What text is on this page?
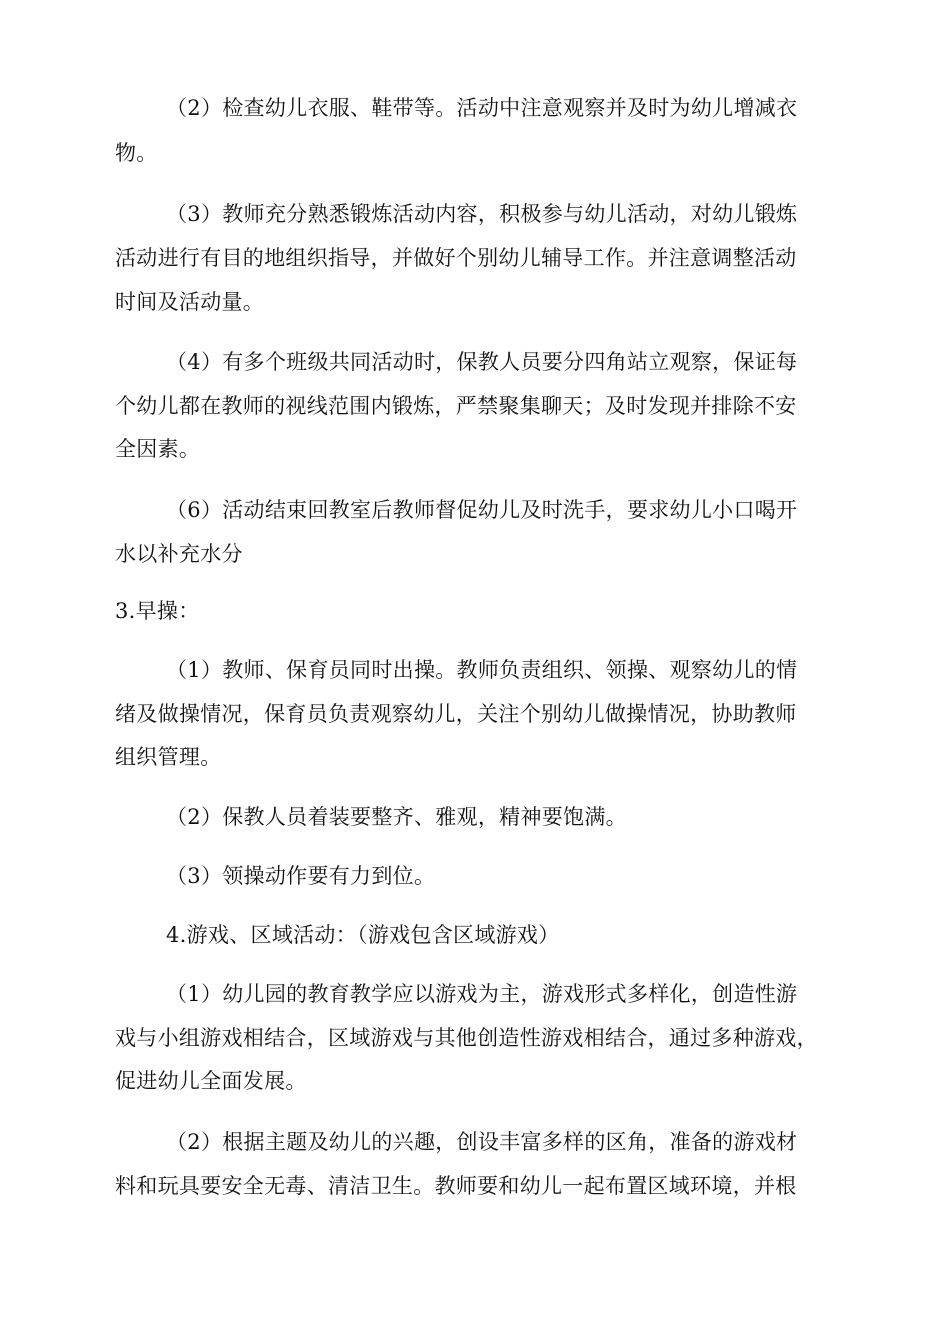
（2）检查幼儿衣服、鞋带等。活动中注意观察并及时为幼儿增减衣
物。
（3）教师充分熟悉锻炼活动内容，积极参与幼儿活动，对幼儿锻炼
活动进行有目的地组织指导，并做好个别幼儿辅导工作。并注意调整活动
时间及活动量。
（4）有多个班级共同活动时，保教人员要分四角站立观察，保证每
个幼儿都在教师的视线范围内锻炼，严禁聚集聊天；及时发现并排除不安
全因素。
（6）活动结束回教室后教师督促幼儿及时洗手，要求幼儿小口喝开
水以补充水分
3.早操：
（1）教师、保育员同时出操。教师负责组织、领操、观察幼儿的情
绪及做操情况，保育员负责观察幼儿，关注个别幼儿做操情况，协助教师
组织管理。
（2）保教人员着装要整齐、雅观，精神要饱满。
（3）领操动作要有力到位。
4.游戏、区域活动：（游戏包含区域游戏）
（1）幼儿园的教育教学应以游戏为主，游戏形式多样化，创造性游
戏与小组游戏相结合，区域游戏与其他创造性游戏相结合，通过多种游戏，
促进幼儿全面发展。
（2）根据主题及幼儿的兴趣，创设丰富多样的区角，准备的游戏材
料和玩具要安全无毒、清洁卫生。教师要和幼儿一起布置区域环境，并根
